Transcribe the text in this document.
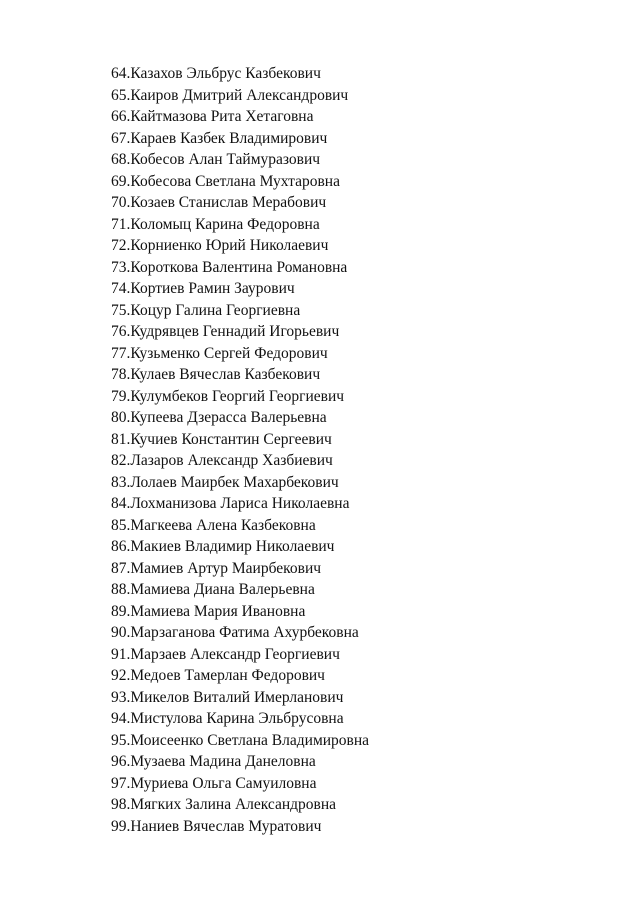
64.Казахов Эльбрус Казбекович
65.Каиров Дмитрий Александрович
66.Кайтмазова Рита Хетаговна
67.Караев Казбек Владимирович
68.Кобесов Алан Таймуразович
69.Кобесова Светлана Мухтаровна
70.Козаев Станислав Мерабович
71.Коломыц Карина Федоровна
72.Корниенко Юрий Николаевич
73.Короткова Валентина Романовна
74.Кортиев Рамин Заурович
75.Коцур Галина Георгиевна
76.Кудрявцев Геннадий Игорьевич
77.Кузьменко Сергей Федорович
78.Кулаев Вячеслав Казбекович
79.Кулумбеков Георгий Георгиевич
80.Купеева Дзерасса Валерьевна
81.Кучиев Константин Сергеевич
82.Лазаров Александр Хазбиевич
83.Лолаев Маирбек Махарбекович
84.Лохманизова Лариса Николаевна
85.Магкеева Алена Казбековна
86.Макиев Владимир Николаевич
87.Мамиев Артур Маирбекович
88.Мамиева Диана Валерьевна
89.Мамиева Мария Ивановна
90.Марзаганова Фатима Ахурбековна
91.Марзаев Александр Георгиевич
92.Медоев Тамерлан Федорович
93.Микелов Виталий Имерланович
94.Мистулова Карина Эльбрусовна
95.Моисеенко Светлана Владимировна
96.Музаева Мадина Данеловна
97.Муриева Ольга Самуиловна
98.Мягких Залина Александровна
99.Наниев Вячеслав Муратович
